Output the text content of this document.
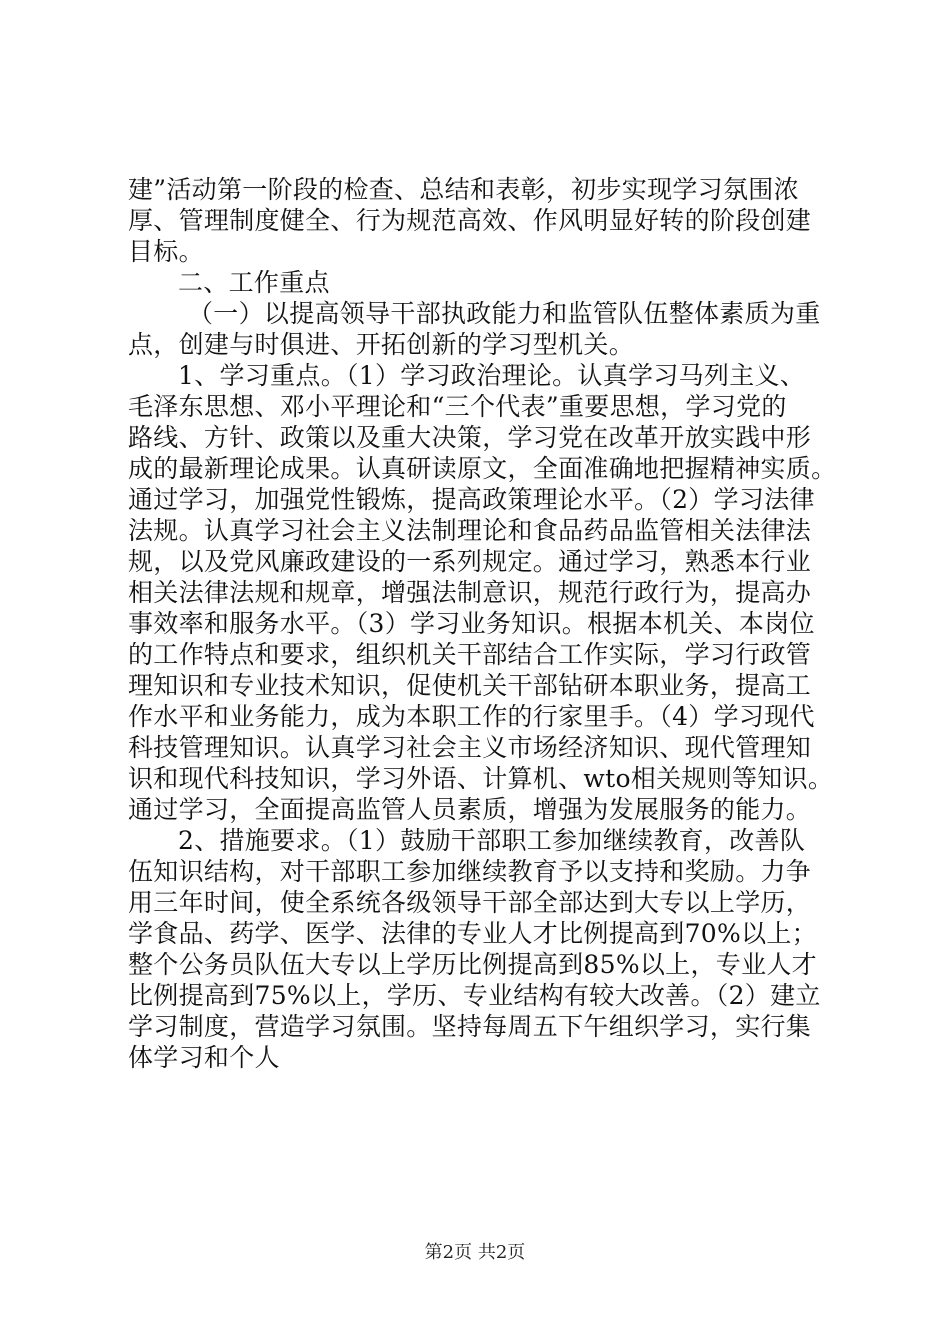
建”活动第一阶段的检查、总结和表彰，初步实现学习氛围浓
厚、管理制度健全、行为规范高效、作风明显好转的阶段创建
目标。
二、工作重点
（一）以提高领导干部执政能力和监管队伍整体素质为重
点，创建与时俱进、开拓创新的学习型机关。
1、学习重点。（1）学习政治理论。认真学习马列主义、
毛泽东思想、邓小平理论和“三个代表”重要思想，学习党的
路线、方针、政策以及重大决策，学习党在改革开放实践中形
成的最新理论成果。认真研读原文，全面准确地把握精神实质。
通过学习，加强党性锻炼，提高政策理论水平。（2）学习法律
法规。认真学习社会主义法制理论和食品药品监管相关法律法
规，以及党风廉政建设的一系列规定。通过学习，熟悉本行业
相关法律法规和规章，增强法制意识，规范行政行为，提高办
事效率和服务水平。（3）学习业务知识。根据本机关、本岗位
的工作特点和要求，组织机关干部结合工作实际，学习行政管
理知识和专业技术知识，促使机关干部钻研本职业务，提高工
作水平和业务能力，成为本职工作的行家里手。（4）学习现代
科技管理知识。认真学习社会主义市场经济知识、现代管理知
识和现代科技知识，学习外语、计算机、wto相关规则等知识。
通过学习，全面提高监管人员素质，增强为发展服务的能力。
2、措施要求。（1）鼓励干部职工参加继续教育，改善队
伍知识结构，对干部职工参加继续教育予以支持和奖励。力争
用三年时间，使全系统各级领导干部全部达到大专以上学历，
学食品、药学、医学、法律的专业人才比例提高到70%以上；
整个公务员队伍大专以上学历比例提高到85%以上，专业人才
比例提高到75%以上，学历、专业结构有较大改善。（2）建立
学习制度，营造学习氛围。坚持每周五下午组织学习，实行集
体学习和个人
第2页 共2页
